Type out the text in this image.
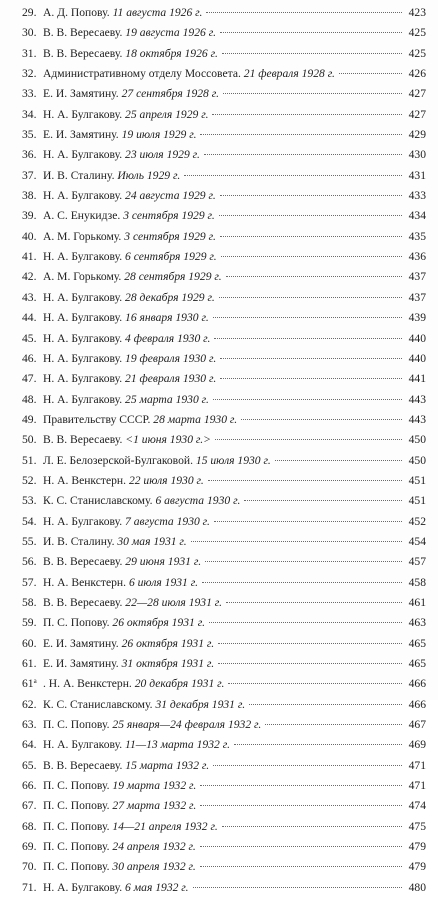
29. А. Д. Попову. 11 августа 1926 г.	423
30. В. В. Вересаеву. 19 августа 1926 г.	425
31. В. В. Вересаеву. 18 октября 1926 г.	425
32. Административному отделу Моссовета. 21 февраля 1928 г.	426
33. Е. И. Замятину. 27 сентября 1928 г.	427
34. Н. А. Булгакову. 25 апреля 1929 г.	427
35. Е. И. Замятину. 19 июля 1929 г.	429
36. Н. А. Булгакову. 23 июля 1929 г.	430
37. И. В. Сталину. Июль 1929 г.	431
38. Н. А. Булгакову. 24 августа 1929 г.	433
39. А. С. Енукидзе. 3 сентября 1929 г.	434
40. А. М. Горькому. 3 сентября 1929 г.	435
41. Н. А. Булгакову. 6 сентября 1929 г.	436
42. А. М. Горькому. 28 сентября 1929 г.	437
43. Н. А. Булгакову. 28 декабря 1929 г.	437
44. Н. А. Булгакову. 16 января 1930 г.	439
45. Н. А. Булгакову. 4 февраля 1930 г.	440
46. Н. А. Булгакову. 19 февраля 1930 г.	440
47. Н. А. Булгакову. 21 февраля 1930 г.	441
48. Н. А. Булгакову. 25 марта 1930 г.	443
49. Правительству СССР. 28 марта 1930 г.	443
50. В. В. Вересаеву. <1 июня 1930 г.>	450
51. Л. Е. Белозерской-Булгаковой. 15 июля 1930 г.	450
52. Н. А. Венкстерн. 22 июля 1930 г.	451
53. К. С. Станиславскому. 6 августа 1930 г.	451
54. Н. А. Булгакову. 7 августа 1930 г.	452
55. И. В. Сталину. 30 мая 1931 г.	454
56. В. В. Вересаеву. 29 июня 1931 г.	457
57. Н. А. Венкстерн. 6 июля 1931 г.	458
58. В. В. Вересаеву. 22—28 июля 1931 г.	461
59. П. С. Попову. 26 октября 1931 г.	463
60. Е. И. Замятину. 26 октября 1931 г.	465
61. Е. И. Замятину. 31 октября 1931 г.	465
$61^а$ . Н. А. Венкстерн. 20 декабря 1931 г.	466
62. К. С. Станиславскому. 31 декабря 1931 г.	466
63. П. С. Попову. 25 января—24 февраля 1932 г.	467
64. Н. А. Булгакову. 11—13 марта 1932 г.	469
65. В. В. Вересаеву. 15 марта 1932 г.	471
66. П. С. Попову. 19 марта 1932 г.	471
67. П. С. Попову. 27 марта 1932 г.	474
68. П. С. Попову. 14—21 апреля 1932 г.	475
69. П. С. Попову. 24 апреля 1932 г.	479
70. П. С. Попову. 30 апреля 1932 г.	479
71. Н. А. Булгакову. 6 мая 1932 г.	480
